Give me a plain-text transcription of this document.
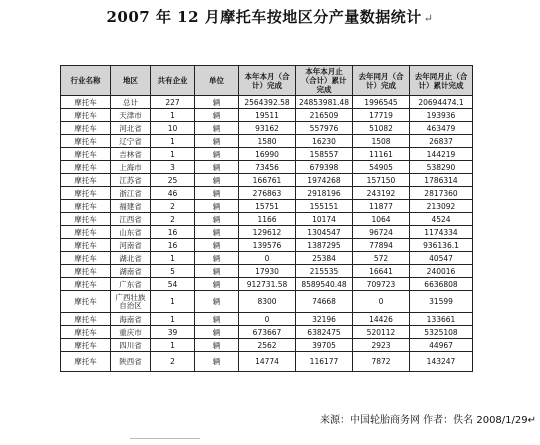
2007 年 12 月摩托车按地区分产量数据统计 ↵
行业名称	地区	共有企业	单位	本年本月（合计）完成	本年本月止（合计）累计完成	去年同月（合计）完成	去年同月止（合计）累计完成
摩托车	总计	227	辆	2564392.58	24853981.48	1996545	20694474.1
摩托车	天津市	1	辆	19511	216509	17719	193936
摩托车	河北省	10	辆	93162	557976	51082	463479
摩托车	辽宁省	1	辆	1580	16230	1508	26837
摩托车	吉林省	1	辆	16990	158557	11161	144219
摩托车	上海市	3	辆	73456	679398	54905	538290
摩托车	江苏省	25	辆	166761	1974268	157150	1786314
摩托车	浙江省	46	辆	276863	2918196	243192	2817360
摩托车	福建省	2	辆	15751	155151	11877	213092
摩托车	江西省	2	辆	1166	10174	1064	4524
摩托车	山东省	16	辆	129612	1304547	96724	1174334
摩托车	河南省	16	辆	139576	1387295	77894	936136.1
摩托车	湖北省	1	辆	0	25384	572	40547
摩托车	湖南省	5	辆	17930	215535	16641	240016
摩托车	广东省	54	辆	912731.58	8589540.48	709723	6636808
摩托车	广西壮族自治区	1	辆	8300	74668	0	31599
摩托车	海南省	1	辆	0	32196	14426	133661
摩托车	重庆市	39	辆	673667	6382475	520112	5325108
摩托车	四川省	1	辆	2562	39705	2923	44967
摩托车	陕西省	2	辆	14774	116177	7872	143247
来源：中国轮胎商务网 作者：佚名 2008/1/29↵
